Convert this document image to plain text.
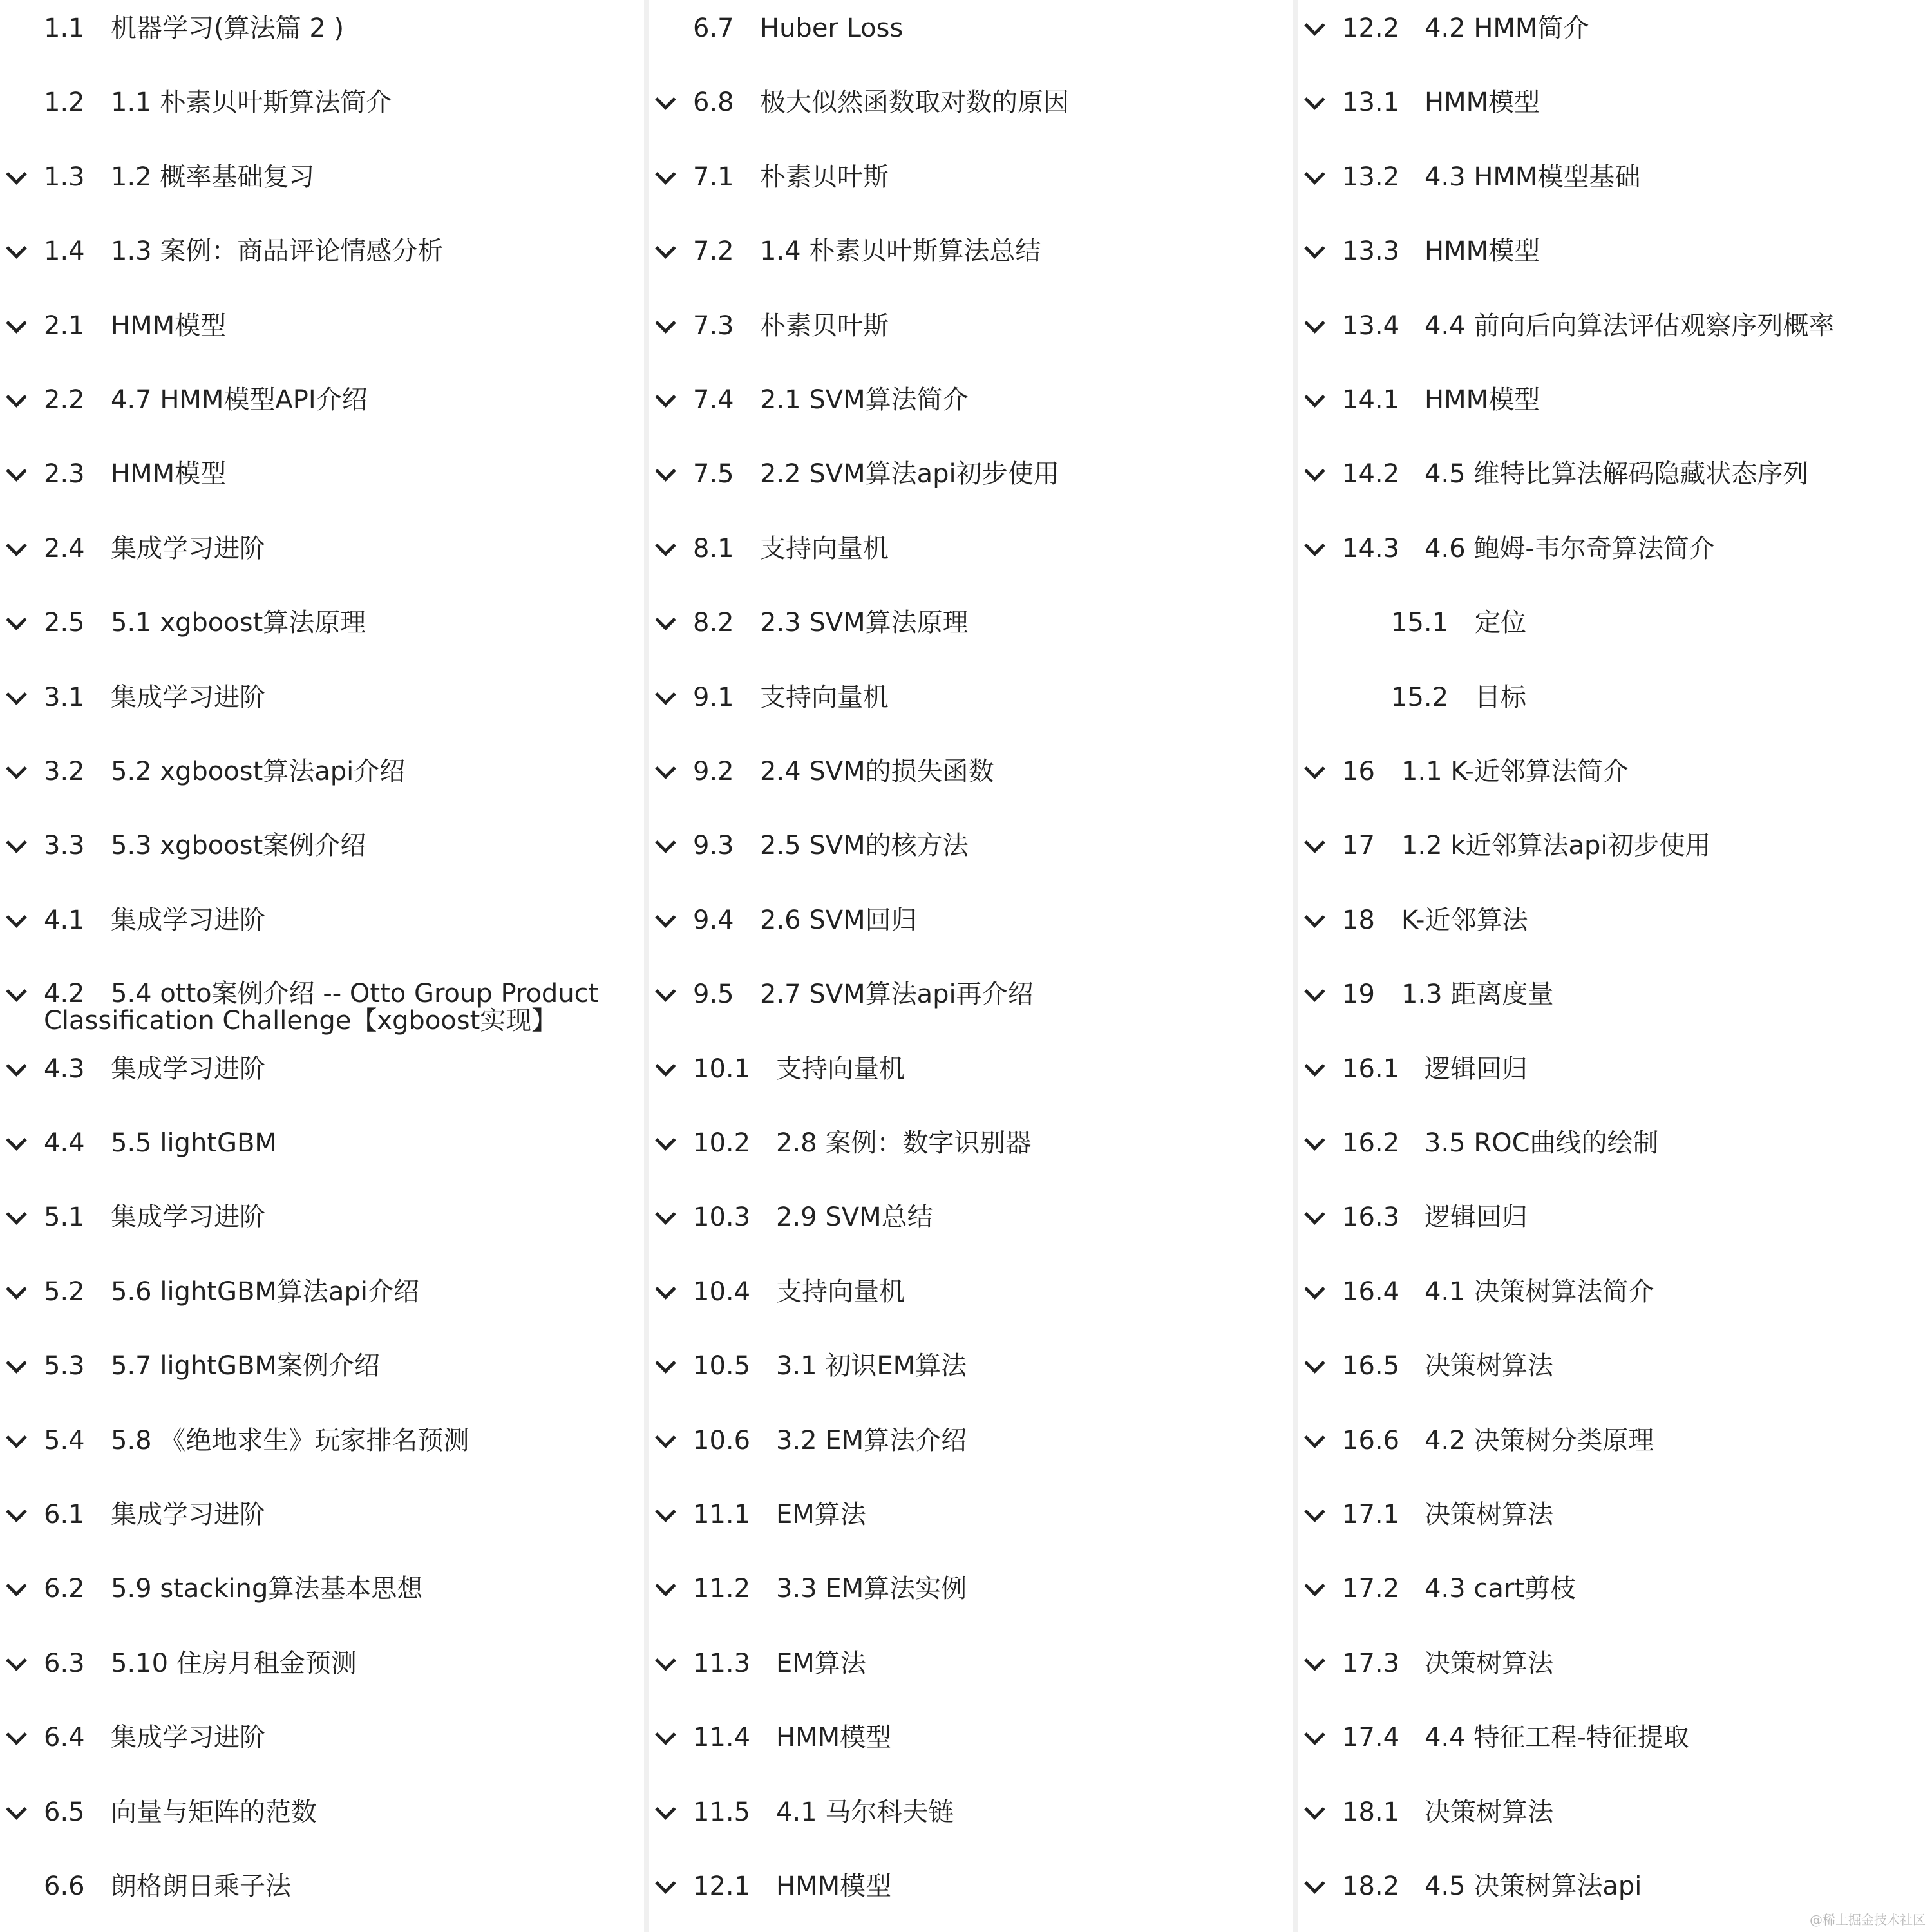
1.1 机器学习(算法篇 2 )
1.2 1.1 朴素贝叶斯算法简介
1.3 1.2 概率基础复习
1.4 1.3 案例：商品评论情感分析
2.1 HMM模型
2.2 4.7 HMM模型API介绍
2.3 HMM模型
2.4 集成学习进阶
2.5 5.1 xgboost算法原理
3.1 集成学习进阶
3.2 5.2 xgboost算法api介绍
3.3 5.3 xgboost案例介绍
4.1 集成学习进阶
4.2	5.4 otto案例介绍 -- Otto Group Product Classification Challenge【xgboost实现】
4.3 集成学习进阶
4.4 5.5 lightGBM
5.1 集成学习进阶
5.2 5.6 lightGBM算法api介绍
5.3 5.7 lightGBM案例介绍
5.4 5.8 《绝地求生》玩家排名预测
6.1 集成学习进阶
6.2 5.9 stacking算法基本思想
6.3 5.10 住房月租金预测
6.4 集成学习进阶
6.5 向量与矩阵的范数
6.6 朗格朗日乘子法
6.7 Huber Loss
6.8 极大似然函数取对数的原因
7.1 朴素贝叶斯
7.2 1.4 朴素贝叶斯算法总结
7.3 朴素贝叶斯
7.4 2.1 SVM算法简介
7.5 2.2 SVM算法api初步使用
8.1 支持向量机
8.2 2.3 SVM算法原理
9.1 支持向量机
9.2 2.4 SVM的损失函数
9.3 2.5 SVM的核方法
9.4 2.6 SVM回归
9.5 2.7 SVM算法api再介绍
10.1 支持向量机
10.2 2.8 案例：数字识别器
10.3 2.9 SVM总结
10.4 支持向量机
10.5 3.1 初识EM算法
10.6 3.2 EM算法介绍
11.1 EM算法
11.2 3.3 EM算法实例
11.3 EM算法
11.4 HMM模型
11.5 4.1 马尔科夫链
12.1 HMM模型
12.2 4.2 HMM简介
13.1 HMM模型
13.2 4.3 HMM模型基础
13.3 HMM模型
13.4 4.4 前向后向算法评估观察序列概率
14.1 HMM模型
14.2 4.5 维特比算法解码隐藏状态序列
14.3 4.6 鲍姆-韦尔奇算法简介
15.1 定位
15.2 目标
16 1.1 K-近邻算法简介
17 1.2 k近邻算法api初步使用
18 K-近邻算法
19 1.3 距离度量
16.1 逻辑回归
16.2 3.5 ROC曲线的绘制
16.3 逻辑回归
16.4 4.1 决策树算法简介
16.5 决策树算法
16.6 4.2 决策树分类原理
17.1 决策树算法
17.2 4.3 cart剪枝
17.3 决策树算法
17.4 4.4 特征工程-特征提取
18.1 决策树算法
18.2 4.5 决策树算法api
@稀土掘金技术社区
